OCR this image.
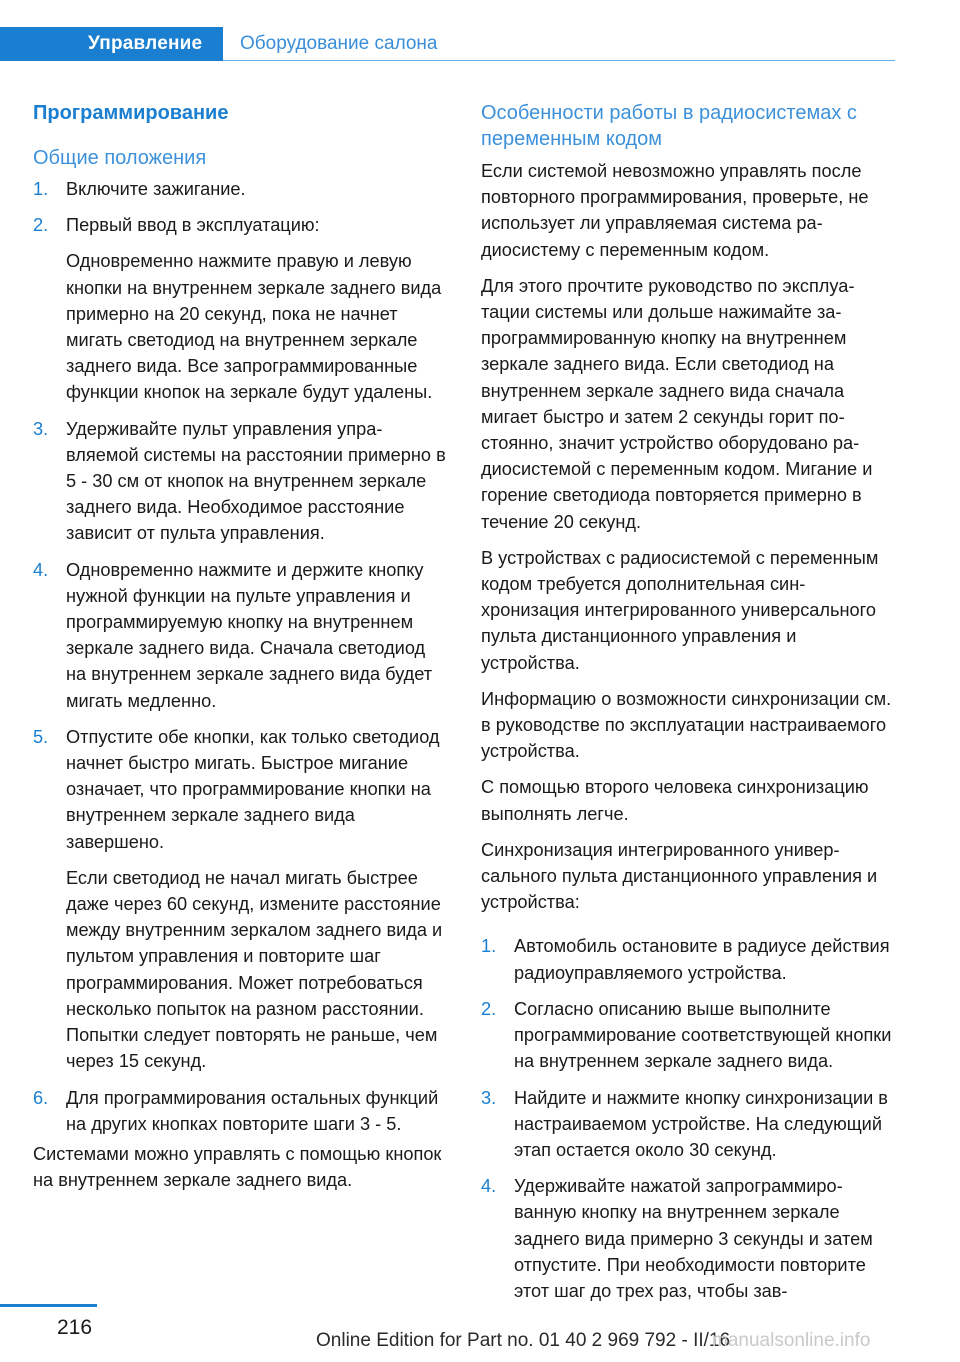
Управление	Оборудование салона
Программирование
Общие положения
1. Включите зажигание.

2. Первый ввод в эксплуатацию:

Одновременно нажмите правую и левую кнопки на внутреннем зеркале заднего вида примерно на 20 секунд, пока не начнет мигать светодиод на внутреннем зеркале заднего вида. Все запрограммированные функции кнопок на зеркале будут удалены.

3. Удерживайте пульт управления управляемой системы на расстоянии примерно в 5 - 30 см от кнопок на внутреннем зеркале заднего вида. Необходимое расстояние зависит от пульта управления.

4. Одновременно нажмите и держите кнопку нужной функции на пульте управления и программируемую кнопку на внутреннем зеркале заднего вида. Сначала светодиод на внутреннем зеркале заднего вида будет мигать медленно.

5. Отпустите обе кнопки, как только светодиод начнет быстро мигать. Быстрое мигание означает, что программирование кнопки на внутреннем зеркале заднего вида завершено.

Если светодиод не начал мигать быстрее даже через 60 секунд, измените расстояние между внутренним зеркалом заднего вида и пультом управления и повторите шаг программирования. Может потребоваться несколько попыток на разном расстоянии. Попытки следует повторять не раньше, чем через 15 секунд.

6. Для программирования остальных функций на других кнопках повторите шаги 3 - 5.

Системами можно управлять с помощью кнопок на внутреннем зеркале заднего вида.

Особенности работы в радиосистемах с переменным кодом

Если системой невозможно управлять после повторного программирования, проверьте, не использует ли управляемая система радиосистему с переменным кодом.

Для этого прочтите руководство по эксплуатации системы или дольше нажимайте запрограммированную кнопку на внутреннем зеркале заднего вида. Если светодиод на внутреннем зеркале заднего вида сначала мигает быстро и затем 2 секунды горит постоянно, значит устройство оборудовано радиосистемой с переменным кодом. Мигание и горение светодиода повторяется примерно в течение 20 секунд.

В устройствах с радиосистемой с переменным кодом требуется дополнительная синхронизация интегрированного универсального пульта дистанционного управления и устройства.

Информацию о возможности синхронизации см. в руководстве по эксплуатации настраиваемого устройства.

С помощью второго человека синхронизацию выполнять легче.

Синхронизация интегрированного универсального пульта дистанционного управления и устройства:

1. Автомобиль остановите в радиусе действия радиоуправляемого устройства.

2. Согласно описанию выше выполните программирование соответствующей кнопки на внутреннем зеркале заднего вида.

3. Найдите и нажмите кнопку синхронизации в настраиваемом устройстве. На следующий этап остается около 30 секунд.

4. Удерживайте нажатой запрограммированную кнопку на внутреннем зеркале заднего вида примерно 3 секунды и затем отпустите. При необходимости повторите этот шаг до трех раз, чтобы зав-

216
Online Edition for Part no. 01 40 2 969 792 - II/16
manualsonline.info
